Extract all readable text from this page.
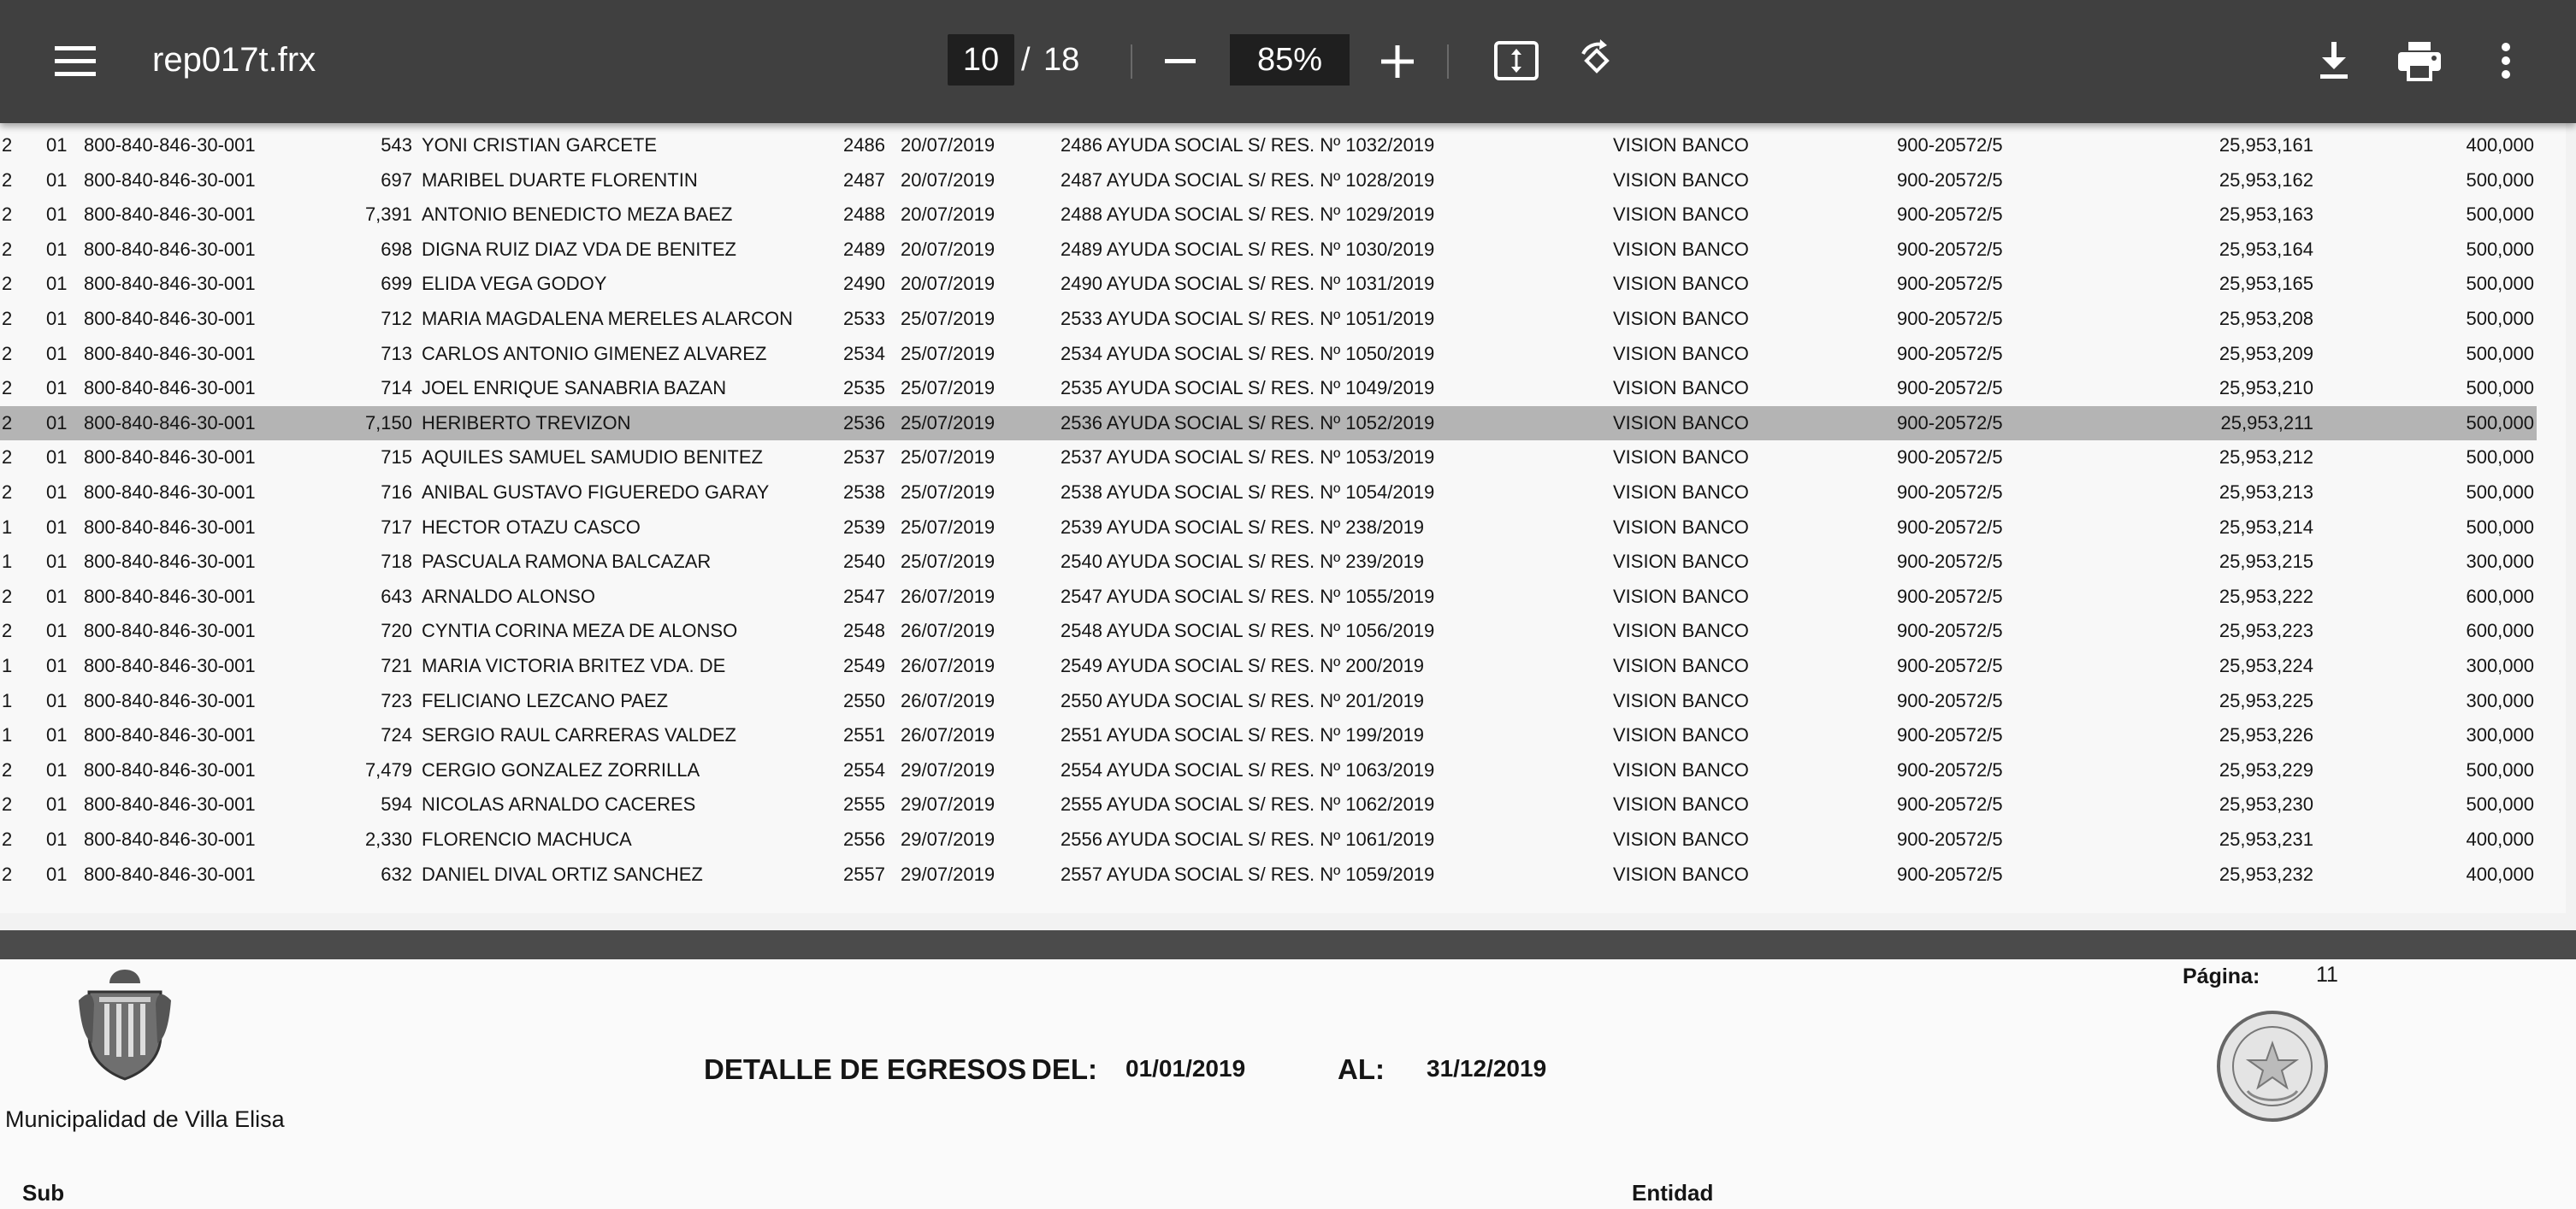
rep017t.frx
10	/ 18	85%
2 01 800-840-846-30-001	543 YONI CRISTIAN GARCETE	2486 20/07/2019	2486 AYUDA SOCIAL S/ RES. Nº 1032/2019	VISION BANCO	900-20572/5	25,953,161	400,000
2 01 800-840-846-30-001	697 MARIBEL DUARTE FLORENTIN	2487 20/07/2019	2487 AYUDA SOCIAL S/ RES. Nº 1028/2019	VISION BANCO	900-20572/5	25,953,162	500,000
2 01 800-840-846-30-001	7,391 ANTONIO BENEDICTO MEZA BAEZ	2488 20/07/2019	2488 AYUDA SOCIAL S/ RES. Nº 1029/2019	VISION BANCO	900-20572/5	25,953,163	500,000
2 01 800-840-846-30-001	698 DIGNA RUIZ DIAZ VDA DE BENITEZ	2489 20/07/2019	2489 AYUDA SOCIAL S/ RES. Nº 1030/2019	VISION BANCO	900-20572/5	25,953,164	500,000
2 01 800-840-846-30-001	699 ELIDA VEGA GODOY	2490 20/07/2019	2490 AYUDA SOCIAL S/ RES. Nº 1031/2019	VISION BANCO	900-20572/5	25,953,165	500,000
2 01 800-840-846-30-001	712 MARIA MAGDALENA MERELES ALARCON	2533 25/07/2019	2533 AYUDA SOCIAL S/ RES. Nº 1051/2019	VISION BANCO	900-20572/5	25,953,208	500,000
2 01 800-840-846-30-001	713 CARLOS ANTONIO GIMENEZ ALVAREZ	2534 25/07/2019	2534 AYUDA SOCIAL S/ RES. Nº 1050/2019	VISION BANCO	900-20572/5	25,953,209	500,000
2 01 800-840-846-30-001	714 JOEL ENRIQUE SANABRIA BAZAN	2535 25/07/2019	2535 AYUDA SOCIAL S/ RES. Nº 1049/2019	VISION BANCO	900-20572/5	25,953,210	500,000
2 01 800-840-846-30-001	7,150 HERIBERTO TREVIZON	2536 25/07/2019	2536 AYUDA SOCIAL S/ RES. Nº 1052/2019	VISION BANCO	900-20572/5	25,953,211	500,000
2 01 800-840-846-30-001	715 AQUILES SAMUEL SAMUDIO BENITEZ	2537 25/07/2019	2537 AYUDA SOCIAL S/ RES. Nº 1053/2019	VISION BANCO	900-20572/5	25,953,212	500,000
2 01 800-840-846-30-001	716 ANIBAL GUSTAVO FIGUEREDO GARAY	2538 25/07/2019	2538 AYUDA SOCIAL S/ RES. Nº 1054/2019	VISION BANCO	900-20572/5	25,953,213	500,000
1 01 800-840-846-30-001	717 HECTOR OTAZU CASCO	2539 25/07/2019	2539 AYUDA SOCIAL S/ RES. Nº 238/2019	VISION BANCO	900-20572/5	25,953,214	500,000
1 01 800-840-846-30-001	718 PASCUALA RAMONA BALCAZAR	2540 25/07/2019	2540 AYUDA SOCIAL S/ RES. Nº 239/2019	VISION BANCO	900-20572/5	25,953,215	300,000
2 01 800-840-846-30-001	643 ARNALDO ALONSO	2547 26/07/2019	2547 AYUDA SOCIAL S/ RES. Nº 1055/2019	VISION BANCO	900-20572/5	25,953,222	600,000
2 01 800-840-846-30-001	720 CYNTIA CORINA MEZA DE ALONSO	2548 26/07/2019	2548 AYUDA SOCIAL S/ RES. Nº 1056/2019	VISION BANCO	900-20572/5	25,953,223	600,000
1 01 800-840-846-30-001	721 MARIA VICTORIA BRITEZ VDA. DE	2549 26/07/2019	2549 AYUDA SOCIAL S/ RES. Nº 200/2019	VISION BANCO	900-20572/5	25,953,224	300,000
1 01 800-840-846-30-001	723 FELICIANO LEZCANO PAEZ	2550 26/07/2019	2550 AYUDA SOCIAL S/ RES. Nº 201/2019	VISION BANCO	900-20572/5	25,953,225	300,000
1 01 800-840-846-30-001	724 SERGIO RAUL CARRERAS VALDEZ	2551 26/07/2019	2551 AYUDA SOCIAL S/ RES. Nº 199/2019	VISION BANCO	900-20572/5	25,953,226	300,000
2 01 800-840-846-30-001	7,479 CERGIO GONZALEZ ZORRILLA	2554 29/07/2019	2554 AYUDA SOCIAL S/ RES. Nº 1063/2019	VISION BANCO	900-20572/5	25,953,229	500,000
2 01 800-840-846-30-001	594 NICOLAS ARNALDO CACERES	2555 29/07/2019	2555 AYUDA SOCIAL S/ RES. Nº 1062/2019	VISION BANCO	900-20572/5	25,953,230	500,000
2 01 800-840-846-30-001	2,330 FLORENCIO MACHUCA	2556 29/07/2019	2556 AYUDA SOCIAL S/ RES. Nº 1061/2019	VISION BANCO	900-20572/5	25,953,231	400,000
2 01 800-840-846-30-001	632 DANIEL DIVAL ORTIZ SANCHEZ	2557 29/07/2019	2557 AYUDA SOCIAL S/ RES. Nº 1059/2019	VISION BANCO	900-20572/5	25,953,232	400,000
Municipalidad de Villa Elisa
Página:	11
DETALLE DE EGRESOS DEL: 01/01/2019	AL: 31/12/2019
Sub	Entidad
